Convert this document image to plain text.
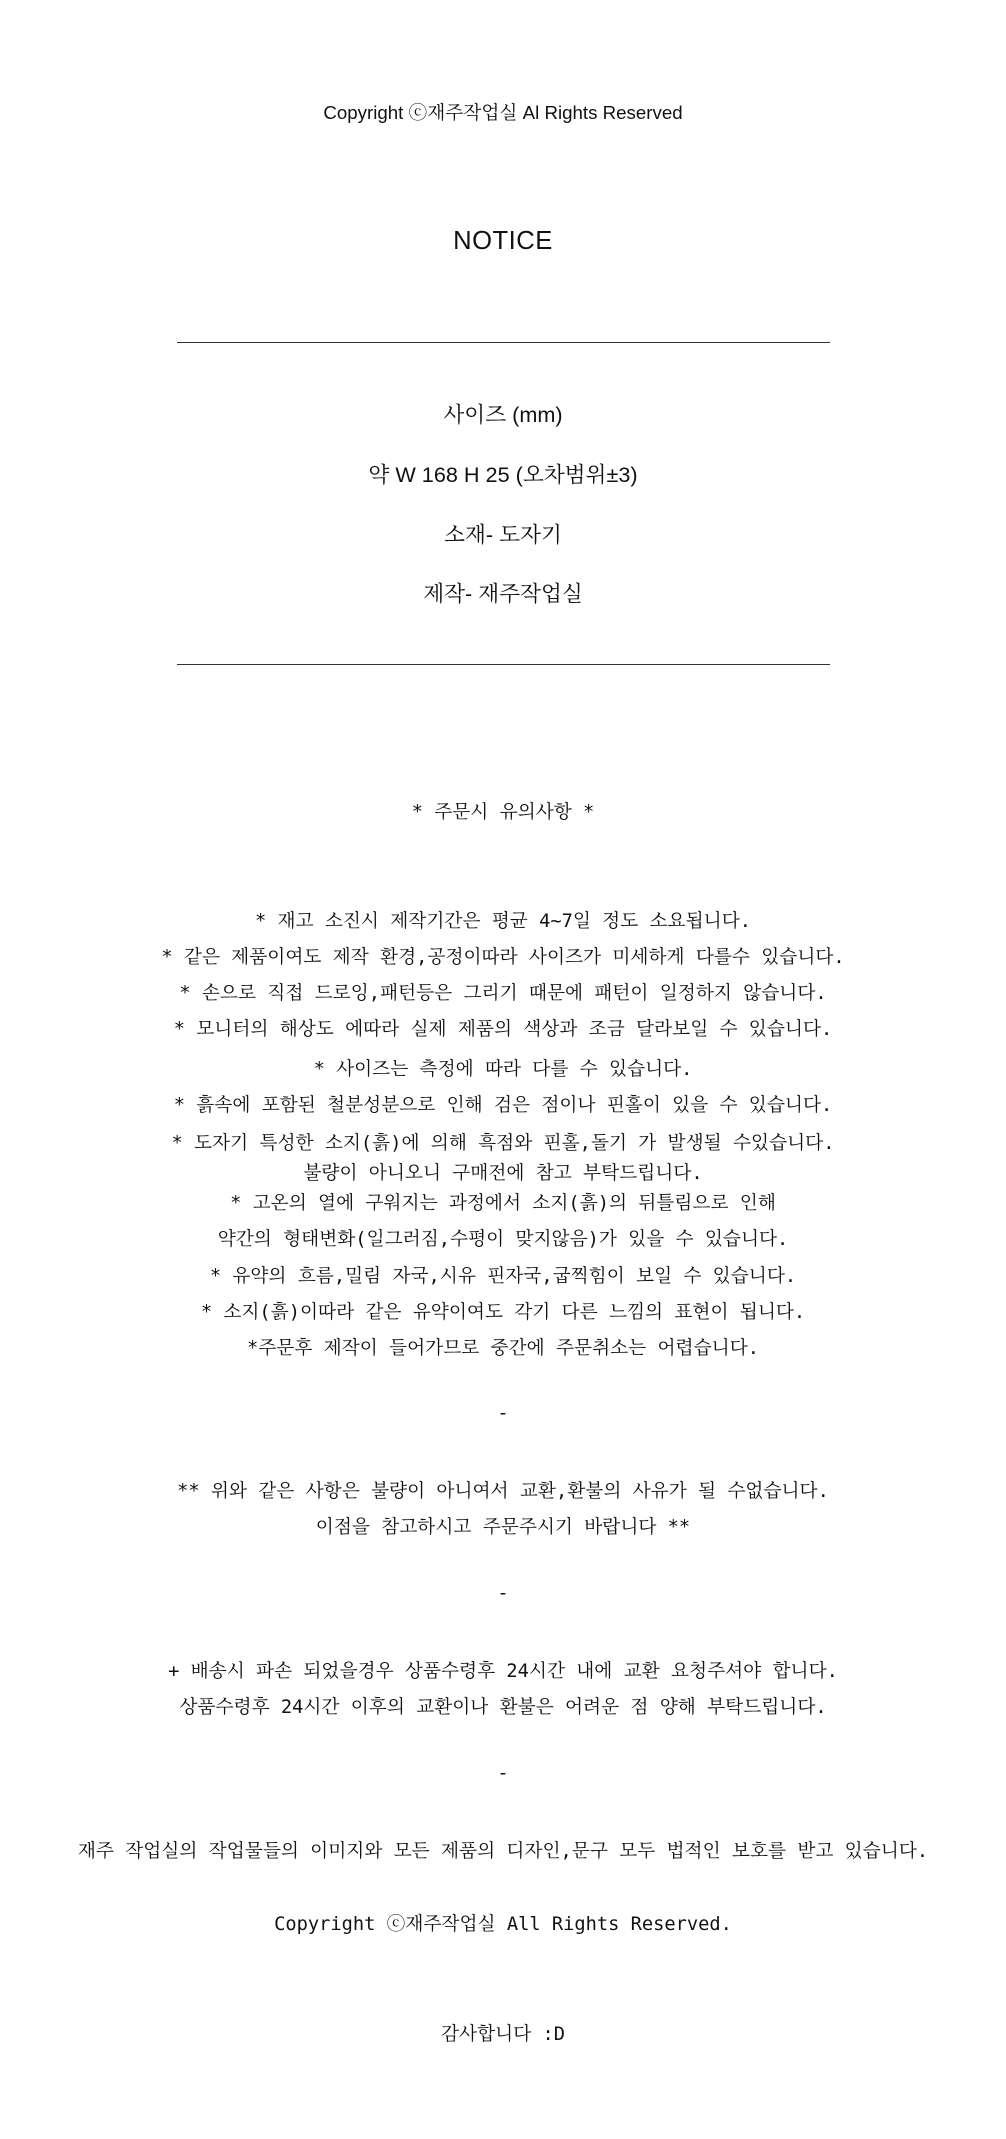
Copyright ⓒ재주작업실 Al Rights Reserved
NOTICE
사이즈 (mm)
약 W 168 H 25 (오차범위±3)
소재- 도자기
제작- 재주작업실
* 주문시 유의사항 *
* 재고 소진시 제작기간은 평균 4~7일 정도 소요됩니다.
* 같은 제품이여도 제작 환경,공정이따라 사이즈가 미세하게 다를수 있습니다.
* 손으로 직접 드로잉,패턴등은 그리기 때문에 패턴이 일정하지 않습니다.
* 모니터의 해상도 에따라 실제 제품의 색상과 조금 달라보일 수 있습니다.
* 사이즈는 측정에 따라 다를 수 있습니다.
* 흙속에 포함된 철분성분으로 인해 검은 점이나 핀홀이 있을 수 있습니다.
* 도자기 특성한 소지(흙)에 의해 흑점와 핀홀,돌기 가 발생될 수있습니다.
불량이 아니오니 구매전에 참고 부탁드립니다.
* 고온의 열에 구워지는 과정에서 소지(흙)의 뒤틀림으로 인해
약간의 형태변화(일그러짐,수평이 맞지않음)가 있을 수 있습니다.
* 유약의 흐름,밀림 자국,시유 핀자국,굽찍힘이 보일 수 있습니다.
* 소지(흙)이따라 같은 유약이여도 각기 다른 느낌의 표현이 됩니다.
*주문후 제작이 들어가므로 중간에 주문취소는 어렵습니다.
-
** 위와 같은 사항은 불량이 아니여서 교환,환불의 사유가 될 수없습니다.
이점을 참고하시고 주문주시기 바랍니다 **
-
+ 배송시 파손 되었을경우 상품수령후 24시간 내에 교환 요청주셔야 합니다.
상품수령후 24시간 이후의 교환이나 환불은 어려운 점 양해 부탁드립니다.
-
재주 작업실의 작업물들의 이미지와 모든 제품의 디자인,문구 모두 법적인 보호를 받고 있습니다.
Copyright ⓒ재주작업실 All Rights Reserved.
감사합니다 :D
